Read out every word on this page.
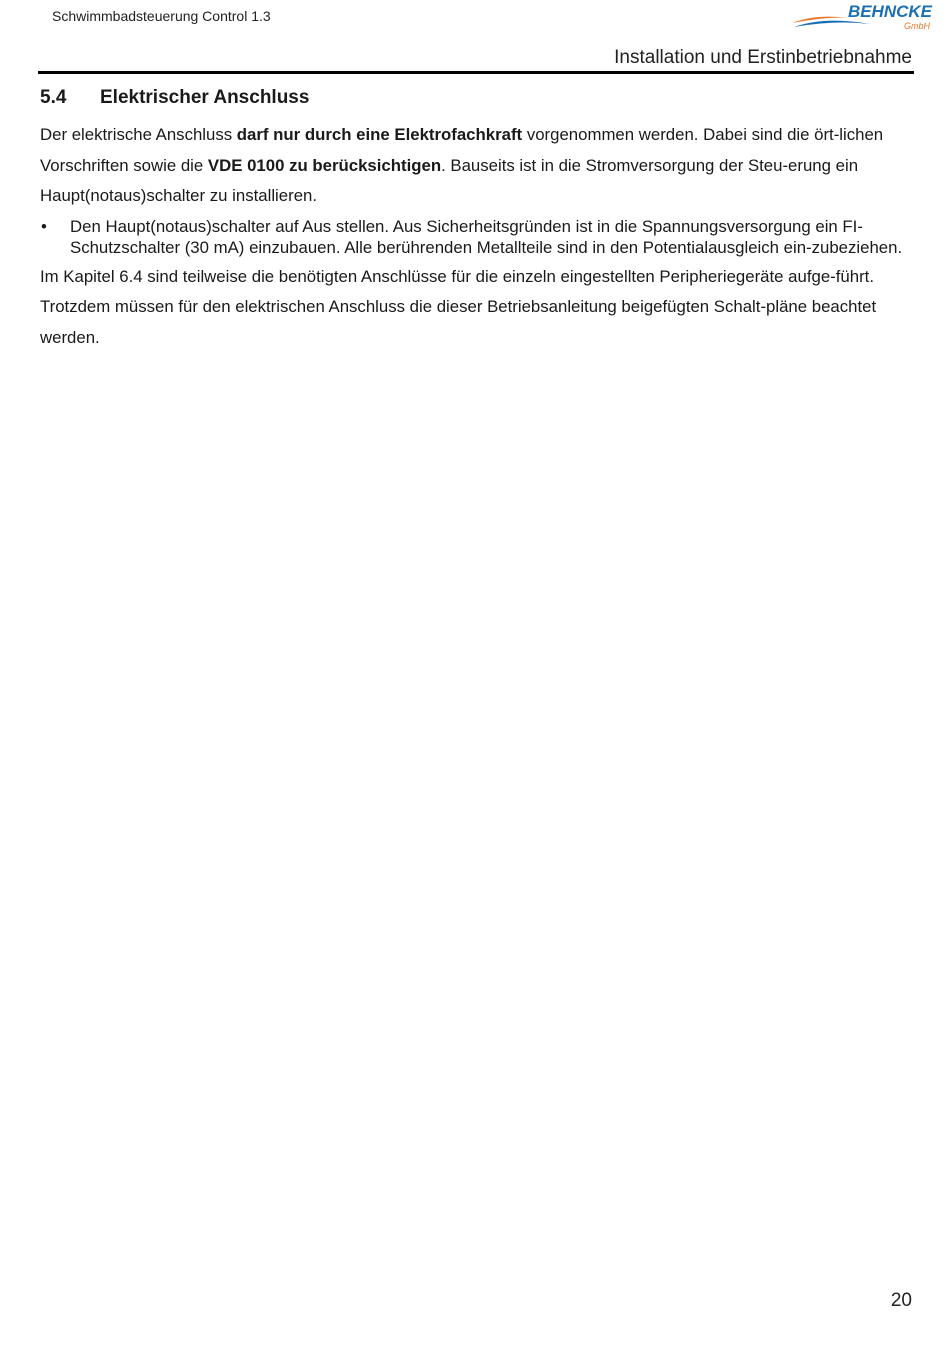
Schwimmbadsteuerung Control 1.3	BEHNCKE
GmbH
Installation und Erstinbetriebnahme
5.4	Elektrischer Anschluss

Der elektrische Anschluss darf nur durch eine Elektrofachkraft vorgenommen werden. Dabei sind die ört-lichen Vorschriften sowie die VDE 0100 zu berücksichtigen. Bauseits ist in die Stromversorgung der Steu-erung ein Haupt(notaus)schalter zu installieren.

• Den Haupt(notaus)schalter auf Aus stellen. Aus Sicherheitsgründen ist in die Spannungsversorgung ein FI-Schutzschalter (30 mA) einzubauen. Alle berührenden Metallteile sind in den Potentialausgleich ein-zubeziehen.

Im Kapitel 6.4 sind teilweise die benötigten Anschlüsse für die einzeln eingestellten Peripheriegeräte aufge-führt. Trotzdem müssen für den elektrischen Anschluss die dieser Betriebsanleitung beigefügten Schalt-pläne beachtet werden.

20
